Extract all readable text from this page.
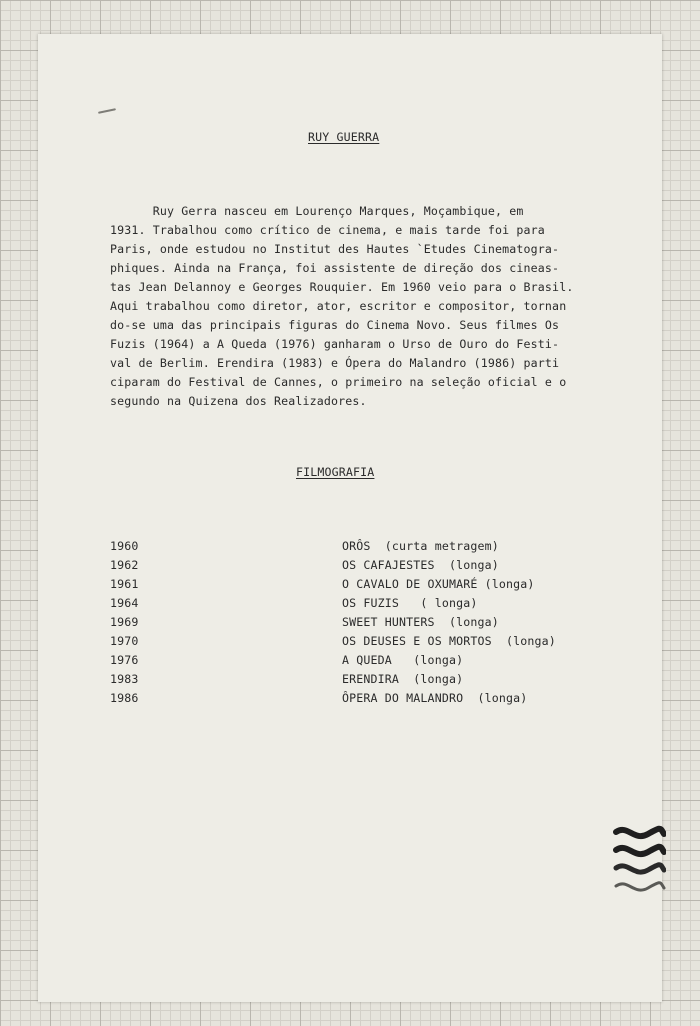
RUY GUERRA
Ruy Gerra nasceu em Lourenço Marques, Moçambique, em
1931. Trabalhou como crítico de cinema, e mais tarde foi para
Paris, onde estudou no Institut des Hautes `Etudes Cinematogra-
phiques. Ainda na França, foi assistente de direção dos cineas-
tas Jean Delannoy e Georges Rouquier. Em 1960 veio para o Brasil.
Aqui trabalhou como diretor, ator, escritor e compositor, tornan
do-se uma das principais figuras do Cinema Novo. Seus filmes Os
Fuzis (1964) a A Queda (1976) ganharam o Urso de Ouro do Festi-
val de Berlim. Erendira (1983) e Ópera do Malandro (1986) parti
ciparam do Festival de Cannes, o primeiro na seleção oficial e o
segundo na Quizena dos Realizadores.
FILMOGRAFIA
1960	ORÔS  (curta metragem)
1962	OS CAFAJESTES  (longa)
1961	O CAVALO DE OXUMARÉ (longa)
1964	OS FUZIS   ( longa)
1969	SWEET HUNTERS  (longa)
1970	OS DEUSES E OS MORTOS  (longa)
1976	A QUEDA   (longa)
1983	ERENDIRA  (longa)
1986	ÔPERA DO MALANDRO  (longa)
